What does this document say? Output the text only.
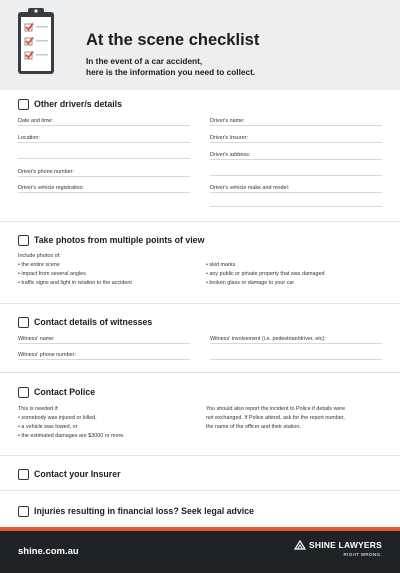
At the scene checklist
In the event of a car accident,
here is the information you need to collect.
Other driver/s details
Date and time:
Location:
Driver's phone number:
Driver's vehicle registration:
Driver's name:
Driver's Insurer:
Driver's address:
Driver's vehicle make and model:
Take photos from multiple points of view
Include photos of:
• the entire scene
• impact from several angles
• traffic signs and light in relation to the accident
• skid marks
• any public or private property that was damaged
• broken glass or damage to your car
Contact details of witnesses
Witness' name:
Witness' phone number:
Witness' involvement (i.e. pedestrian/driver, etc):
Contact Police
This is needed if:
• somebody was injured or killed,
• a vehicle was towed, or
• the estimated damages are $3000 or more.
You should also report the incident to Police if details were
not exchanged. If Police attend, ask for the report number,
the name of the officer and their station.
Contact your Insurer
Injuries resulting in financial loss? Seek legal advice
shine.com.au
SHINE LAWYERS
RIGHT WRONG.
